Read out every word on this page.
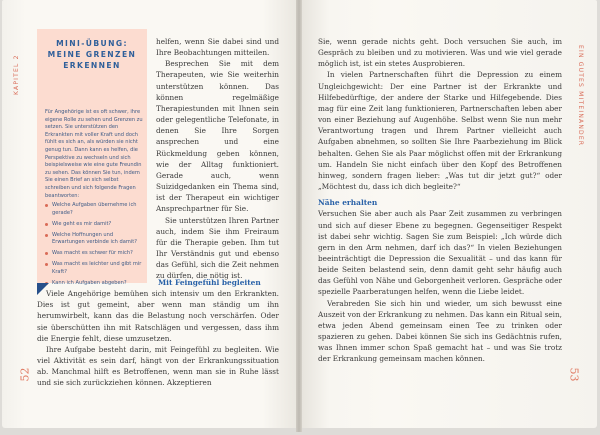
KAPITEL 2	EIN GUTES MITEINANDER
52	53
MINI-ÜBUNG: MEINE GRENZEN ERKENNEN

Für Angehörige ist es oft schwer, ihre eigene Rolle zu sehen und Grenzen zu setzen. Sie unterstützen den Erkrankten mit voller Kraft und doch fühlt es sich an, als würden sie nicht genug tun. Dann kann es helfen, die Perspektive zu wechseln und sich beispielsweise wie eine gute Freundin zu sehen. Das können Sie tun, indem Sie einen Brief an sich selbst schreiben und sich folgende Fragen beantworten:

Welche Aufgaben übernehme ich gerade?
Wie geht es mir damit?
Welche Hoffnungen und Erwartungen verbinde ich damit?
Was macht es schwer für mich?
Was macht es leichter und gibt mir Kraft?
Kann ich Aufgaben abgeben?

helfen, wenn Sie dabei sind und Ihre Beobachtungen mitteilen.

Besprechen Sie mit dem Therapeuten, wie Sie weiterhin unterstützen können. Das können regelmäßige Therapiestunden mit Ihnen sein oder gelegentliche Telefonate, in denen Sie Ihre Sorgen ansprechen und eine Rückmeldung geben können, wie der Alltag funktioniert. Gerade auch, wenn Suizidgedanken ein Thema sind, ist der Therapeut ein wichtiger Ansprechpartner für Sie.

Sie unterstützen Ihren Partner auch, indem Sie ihm Freiraum für die Therapie geben. Ihm tut Ihr Verständnis gut und ebenso das Gefühl, sich die Zeit nehmen zu dürfen, die nötig ist.

Mit Feingefühl begleiten

Viele Angehörige bemühen sich intensiv um den Erkrankten. Dies ist gut gemeint, aber wenn man ständig um ihn herumwirbelt, kann das die Belastung noch verschärfen. Oder sie überschütten ihn mit Ratschlägen und vergessen, dass ihm die Energie fehlt, diese umzusetzen.

Ihre Aufgabe besteht darin, mit Feingefühl zu begleiten. Wie viel Aktivität es sein darf, hängt von der Erkrankungssituation ab. Manchmal hilft es Betroffenen, wenn man sie in Ruhe lässt und sie sich zurückziehen können. Akzeptieren

Sie, wenn gerade nichts geht. Doch versuchen Sie auch, im Gespräch zu bleiben und zu motivieren. Was und wie viel gerade möglich ist, ist ein stetes Ausprobieren.

In vielen Partnerschaften führt die Depression zu einem Ungleichgewicht: Der eine Partner ist der Erkrankte und Hilfebedürftige, der andere der Starke und Hilfegebende. Dies mag für eine Zeit lang funktionieren, Partnerschaften leben aber von einer Beziehung auf Augenhöhe. Selbst wenn Sie nun mehr Verantwortung tragen und Ihrem Partner vielleicht auch Aufgaben abnehmen, so sollten Sie Ihre Paarbeziehung im Blick behalten. Gehen Sie als Paar möglichst offen mit der Erkrankung um. Handeln Sie nicht einfach über den Kopf des Betroffenen hinweg, sondern fragen lieber: „Was tut dir jetzt gut?“ oder „Möchtest du, dass ich dich begleite?“

Nähe erhalten

Versuchen Sie aber auch als Paar Zeit zusammen zu verbringen und sich auf dieser Ebene zu begegnen. Gegenseitiger Respekt ist dabei sehr wichtig. Sagen Sie zum Beispiel: „Ich würde dich gern in den Arm nehmen, darf ich das?“ In vielen Beziehungen beeinträchtigt die Depression die Sexualität – und das kann für beide Seiten belastend sein, denn damit geht sehr häufig auch das Gefühl von Nähe und Geborgenheit verloren. Gespräche oder spezielle Paarberatungen helfen, wenn die Liebe leidet.

Verabreden Sie sich hin und wieder, um sich bewusst eine Auszeit von der Erkrankung zu nehmen. Das kann ein Ritual sein, etwa jeden Abend gemeinsam einen Tee zu trinken oder spazieren zu gehen. Dabei können Sie sich ins Gedächtnis rufen, was Ihnen immer schon Spaß gemacht hat – und was Sie trotz der Erkrankung gemeinsam machen können.
